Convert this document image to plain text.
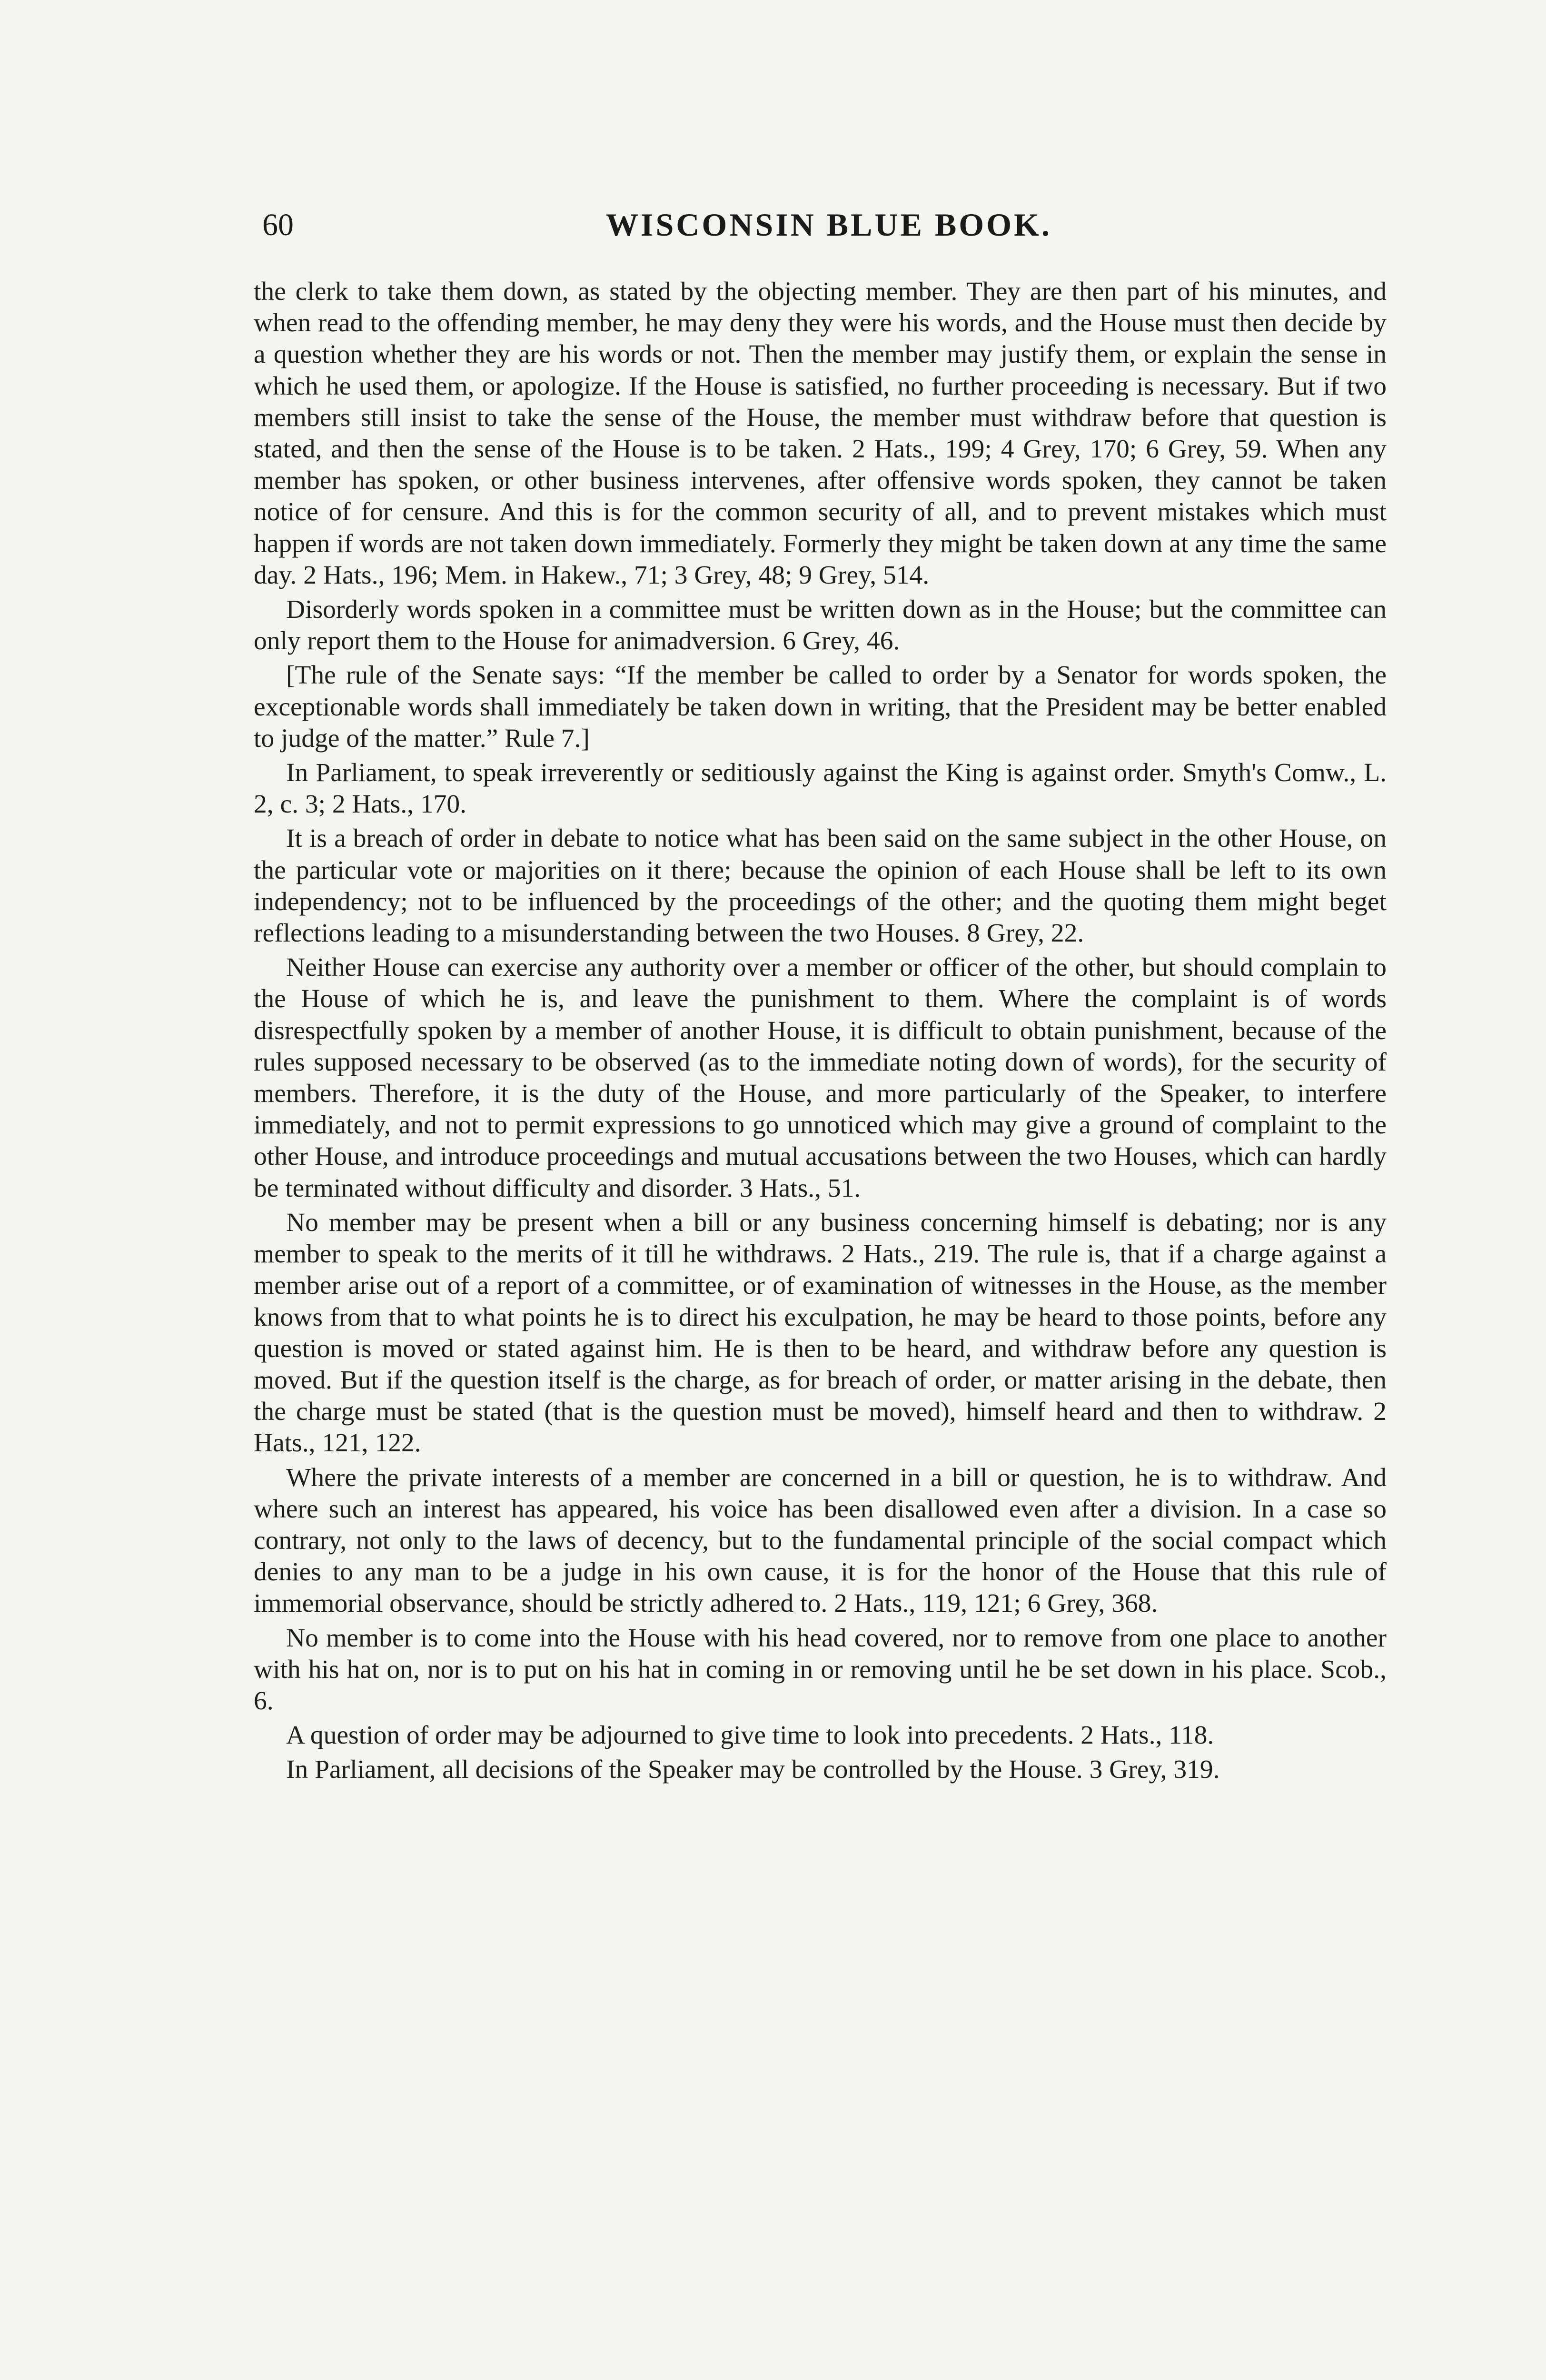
60	WISCONSIN BLUE BOOK.

the clerk to take them down, as stated by the objecting member. They are then part of his minutes, and when read to the offending member, he may deny they were his words, and the House must then decide by a question whether they are his words or not. Then the member may justify them, or explain the sense in which he used them, or apologize. If the House is satisfied, no further proceeding is necessary. But if two members still insist to take the sense of the House, the member must withdraw before that question is stated, and then the sense of the House is to be taken. 2 Hats., 199; 4 Grey, 170; 6 Grey, 59. When any member has spoken, or other business intervenes, after offensive words spoken, they cannot be taken notice of for censure. And this is for the common security of all, and to prevent mistakes which must happen if words are not taken down immediately. Formerly they might be taken down at any time the same day. 2 Hats., 196; Mem. in Hakew., 71; 3 Grey, 48; 9 Grey, 514.

Disorderly words spoken in a committee must be written down as in the House; but the committee can only report them to the House for animadversion. 6 Grey, 46.

[The rule of the Senate says: “If the member be called to order by a Senator for words spoken, the exceptionable words shall immediately be taken down in writing, that the President may be better enabled to judge of the matter.” Rule 7.]

In Parliament, to speak irreverently or seditiously against the King is against order. Smyth's Comw., L. 2, c. 3; 2 Hats., 170.

It is a breach of order in debate to notice what has been said on the same subject in the other House, on the particular vote or majorities on it there; because the opinion of each House shall be left to its own independency; not to be influenced by the proceedings of the other; and the quoting them might beget reflections leading to a misunderstanding between the two Houses. 8 Grey, 22.

Neither House can exercise any authority over a member or officer of the other, but should complain to the House of which he is, and leave the punishment to them. Where the complaint is of words disrespectfully spoken by a member of another House, it is difficult to obtain punishment, because of the rules supposed necessary to be observed (as to the immediate noting down of words), for the security of members. Therefore, it is the duty of the House, and more particularly of the Speaker, to interfere immediately, and not to permit expressions to go unnoticed which may give a ground of complaint to the other House, and introduce proceedings and mutual accusations between the two Houses, which can hardly be terminated without difficulty and disorder. 3 Hats., 51.

No member may be present when a bill or any business concerning himself is debating; nor is any member to speak to the merits of it till he withdraws. 2 Hats., 219. The rule is, that if a charge against a member arise out of a report of a committee, or of examination of witnesses in the House, as the member knows from that to what points he is to direct his exculpation, he may be heard to those points, before any question is moved or stated against him. He is then to be heard, and withdraw before any question is moved. But if the question itself is the charge, as for breach of order, or matter arising in the debate, then the charge must be stated (that is the question must be moved), himself heard and then to withdraw. 2 Hats., 121, 122.

Where the private interests of a member are concerned in a bill or question, he is to withdraw. And where such an interest has appeared, his voice has been disallowed even after a division. In a case so contrary, not only to the laws of decency, but to the fundamental principle of the social compact which denies to any man to be a judge in his own cause, it is for the honor of the House that this rule of immemorial observance, should be strictly adhered to. 2 Hats., 119, 121; 6 Grey, 368.

No member is to come into the House with his head covered, nor to remove from one place to another with his hat on, nor is to put on his hat in coming in or removing until he be set down in his place. Scob., 6.

A question of order may be adjourned to give time to look into precedents. 2 Hats., 118.

In Parliament, all decisions of the Speaker may be controlled by the House. 3 Grey, 319.
